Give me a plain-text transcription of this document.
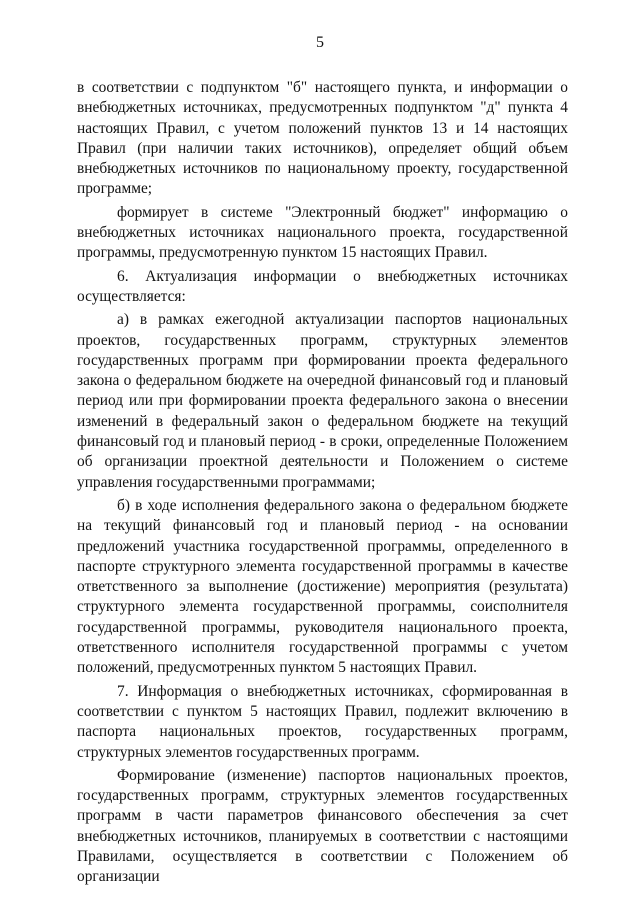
5

в соответствии с подпунктом "б" настоящего пункта, и информации о внебюджетных источниках, предусмотренных подпунктом "д" пункта 4 настоящих Правил, с учетом положений пунктов 13 и 14 настоящих Правил (при наличии таких источников), определяет общий объем внебюджетных источников по национальному проекту, государственной программе;

формирует в системе "Электронный бюджет" информацию о внебюджетных источниках национального проекта, государственной программы, предусмотренную пунктом 15 настоящих Правил.

6. Актуализация информации о внебюджетных источниках осуществляется:

а) в рамках ежегодной актуализации паспортов национальных проектов, государственных программ, структурных элементов государственных программ при формировании проекта федерального закона о федеральном бюджете на очередной финансовый год и плановый период или при формировании проекта федерального закона о внесении изменений в федеральный закон о федеральном бюджете на текущий финансовый год и плановый период - в сроки, определенные Положением об организации проектной деятельности и Положением о системе управления государственными программами;

б) в ходе исполнения федерального закона о федеральном бюджете на текущий финансовый год и плановый период - на основании предложений участника государственной программы, определенного в паспорте структурного элемента государственной программы в качестве ответственного за выполнение (достижение) мероприятия (результата) структурного элемента государственной программы, соисполнителя государственной программы, руководителя национального проекта, ответственного исполнителя государственной программы с учетом положений, предусмотренных пунктом 5 настоящих Правил.

7. Информация о внебюджетных источниках, сформированная в соответствии с пунктом 5 настоящих Правил, подлежит включению в паспорта национальных проектов, государственных программ, структурных элементов государственных программ.

Формирование (изменение) паспортов национальных проектов, государственных программ, структурных элементов государственных программ в части параметров финансового обеспечения за счет внебюджетных источников, планируемых в соответствии с настоящими Правилами, осуществляется в соответствии с Положением об организации
